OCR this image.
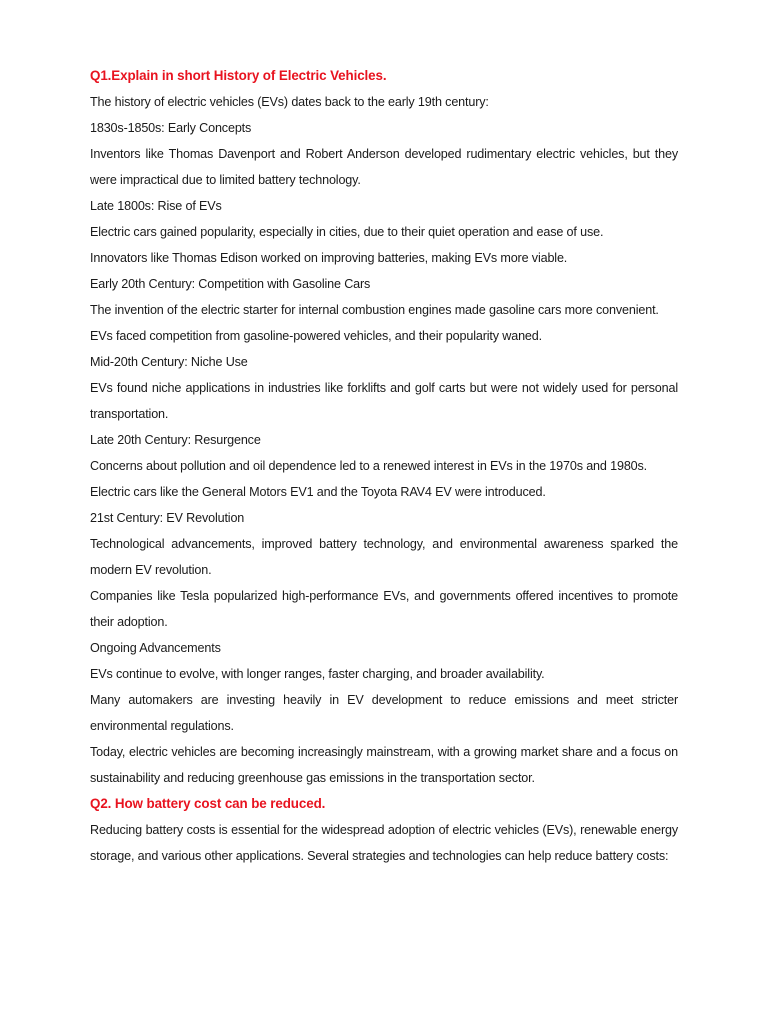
Q1.Explain in short History of Electric Vehicles.

The history of electric vehicles (EVs) dates back to the early 19th century:

1830s-1850s: Early Concepts

Inventors like Thomas Davenport and Robert Anderson developed rudimentary electric vehicles, but they were impractical due to limited battery technology.

Late 1800s: Rise of EVs

Electric cars gained popularity, especially in cities, due to their quiet operation and ease of use.

Innovators like Thomas Edison worked on improving batteries, making EVs more viable.

Early 20th Century: Competition with Gasoline Cars

The invention of the electric starter for internal combustion engines made gasoline cars more convenient.

EVs faced competition from gasoline-powered vehicles, and their popularity waned.

Mid-20th Century: Niche Use

EVs found niche applications in industries like forklifts and golf carts but were not widely used for personal transportation.

Late 20th Century: Resurgence

Concerns about pollution and oil dependence led to a renewed interest in EVs in the 1970s and 1980s.

Electric cars like the General Motors EV1 and the Toyota RAV4 EV were introduced.

21st Century: EV Revolution

Technological advancements, improved battery technology, and environmental awareness sparked the modern EV revolution.

Companies like Tesla popularized high-performance EVs, and governments offered incentives to promote their adoption.

Ongoing Advancements

EVs continue to evolve, with longer ranges, faster charging, and broader availability.

Many automakers are investing heavily in EV development to reduce emissions and meet stricter environmental regulations.

Today, electric vehicles are becoming increasingly mainstream, with a growing market share and a focus on sustainability and reducing greenhouse gas emissions in the transportation sector.

Q2. How battery cost can be reduced.

Reducing battery costs is essential for the widespread adoption of electric vehicles (EVs), renewable energy storage, and various other applications. Several strategies and technologies can help reduce battery costs:
